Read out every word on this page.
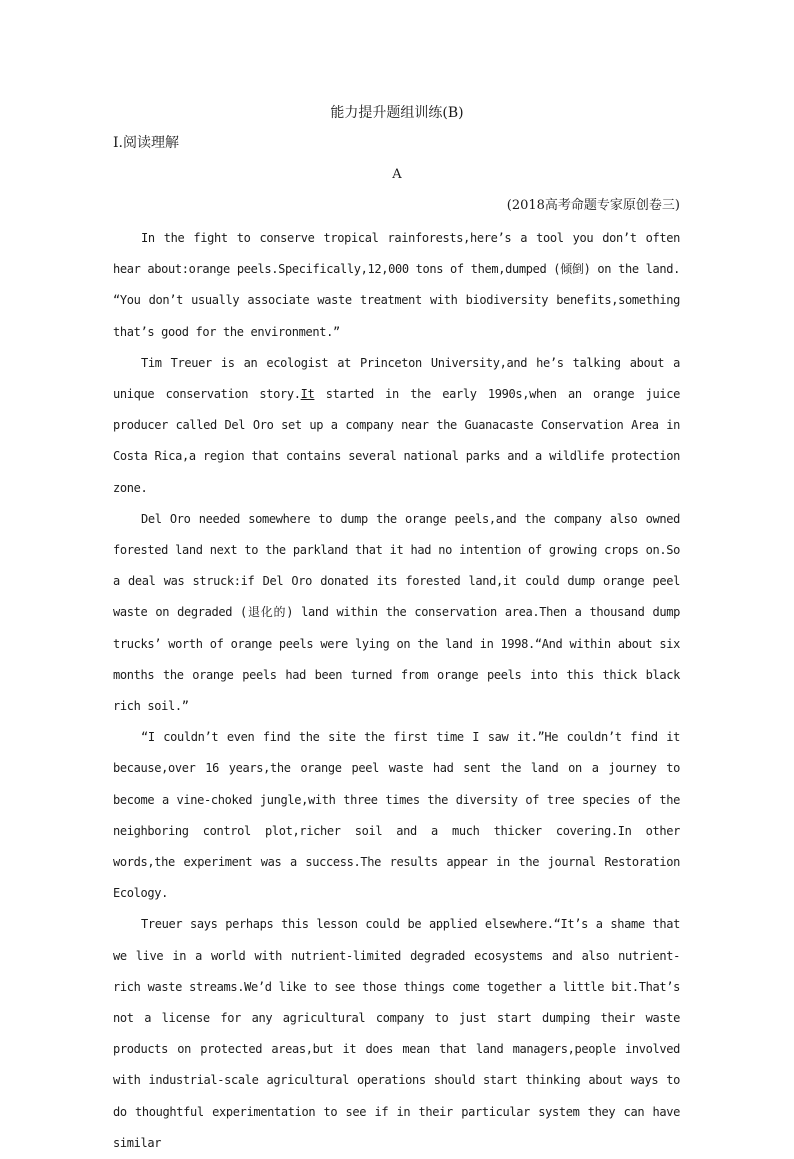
能力提升题组训练(B)
Ⅰ.阅读理解
A
(2018高考命题专家原创卷三)

In the fight to conserve tropical rainforests,here’s a tool you don’t often hear about:orange peels.Specifically,12,000 tons of them,dumped (倾倒) on the land. “You don’t usually associate waste treatment with biodiversity benefits,something that’s good for the environment.”

Tim Treuer is an ecologist at Princeton University,and he’s talking about a unique conservation story.It started in the early 1990s,when an orange juice producer called Del Oro set up a company near the Guanacaste Conservation Area in Costa Rica,a region that contains several national parks and a wildlife protection zone.

Del Oro needed somewhere to dump the orange peels,and the company also owned forested land next to the parkland that it had no intention of growing crops on.So a deal was struck:if Del Oro donated its forested land,it could dump orange peel waste on degraded (退化的) land within the conservation area.Then a thousand dump trucks’ worth of orange peels were lying on the land in 1998.“And within about six months the orange peels had been turned from orange peels into this thick black rich soil.”

“I couldn’t even find the site the first time I saw it.”He couldn’t find it because,over 16 years,the orange peel waste had sent the land on a journey to become a vine-choked jungle,with three times the diversity of tree species of the neighboring control plot,richer soil and a much thicker covering.In other words,the experiment was a success.The results appear in the journal Restoration Ecology.

Treuer says perhaps this lesson could be applied elsewhere.“It’s a shame that we live in a world with nutrient-limited degraded ecosystems and also nutrient-rich waste streams.We’d like to see those things come together a little bit.That’s not a license for any agricultural company to just start dumping their waste products on protected areas,but it does mean that land managers,people involved with industrial-scale agricultural operations should start thinking about ways to do thoughtful experimentation to see if in their particular system they can have similar
